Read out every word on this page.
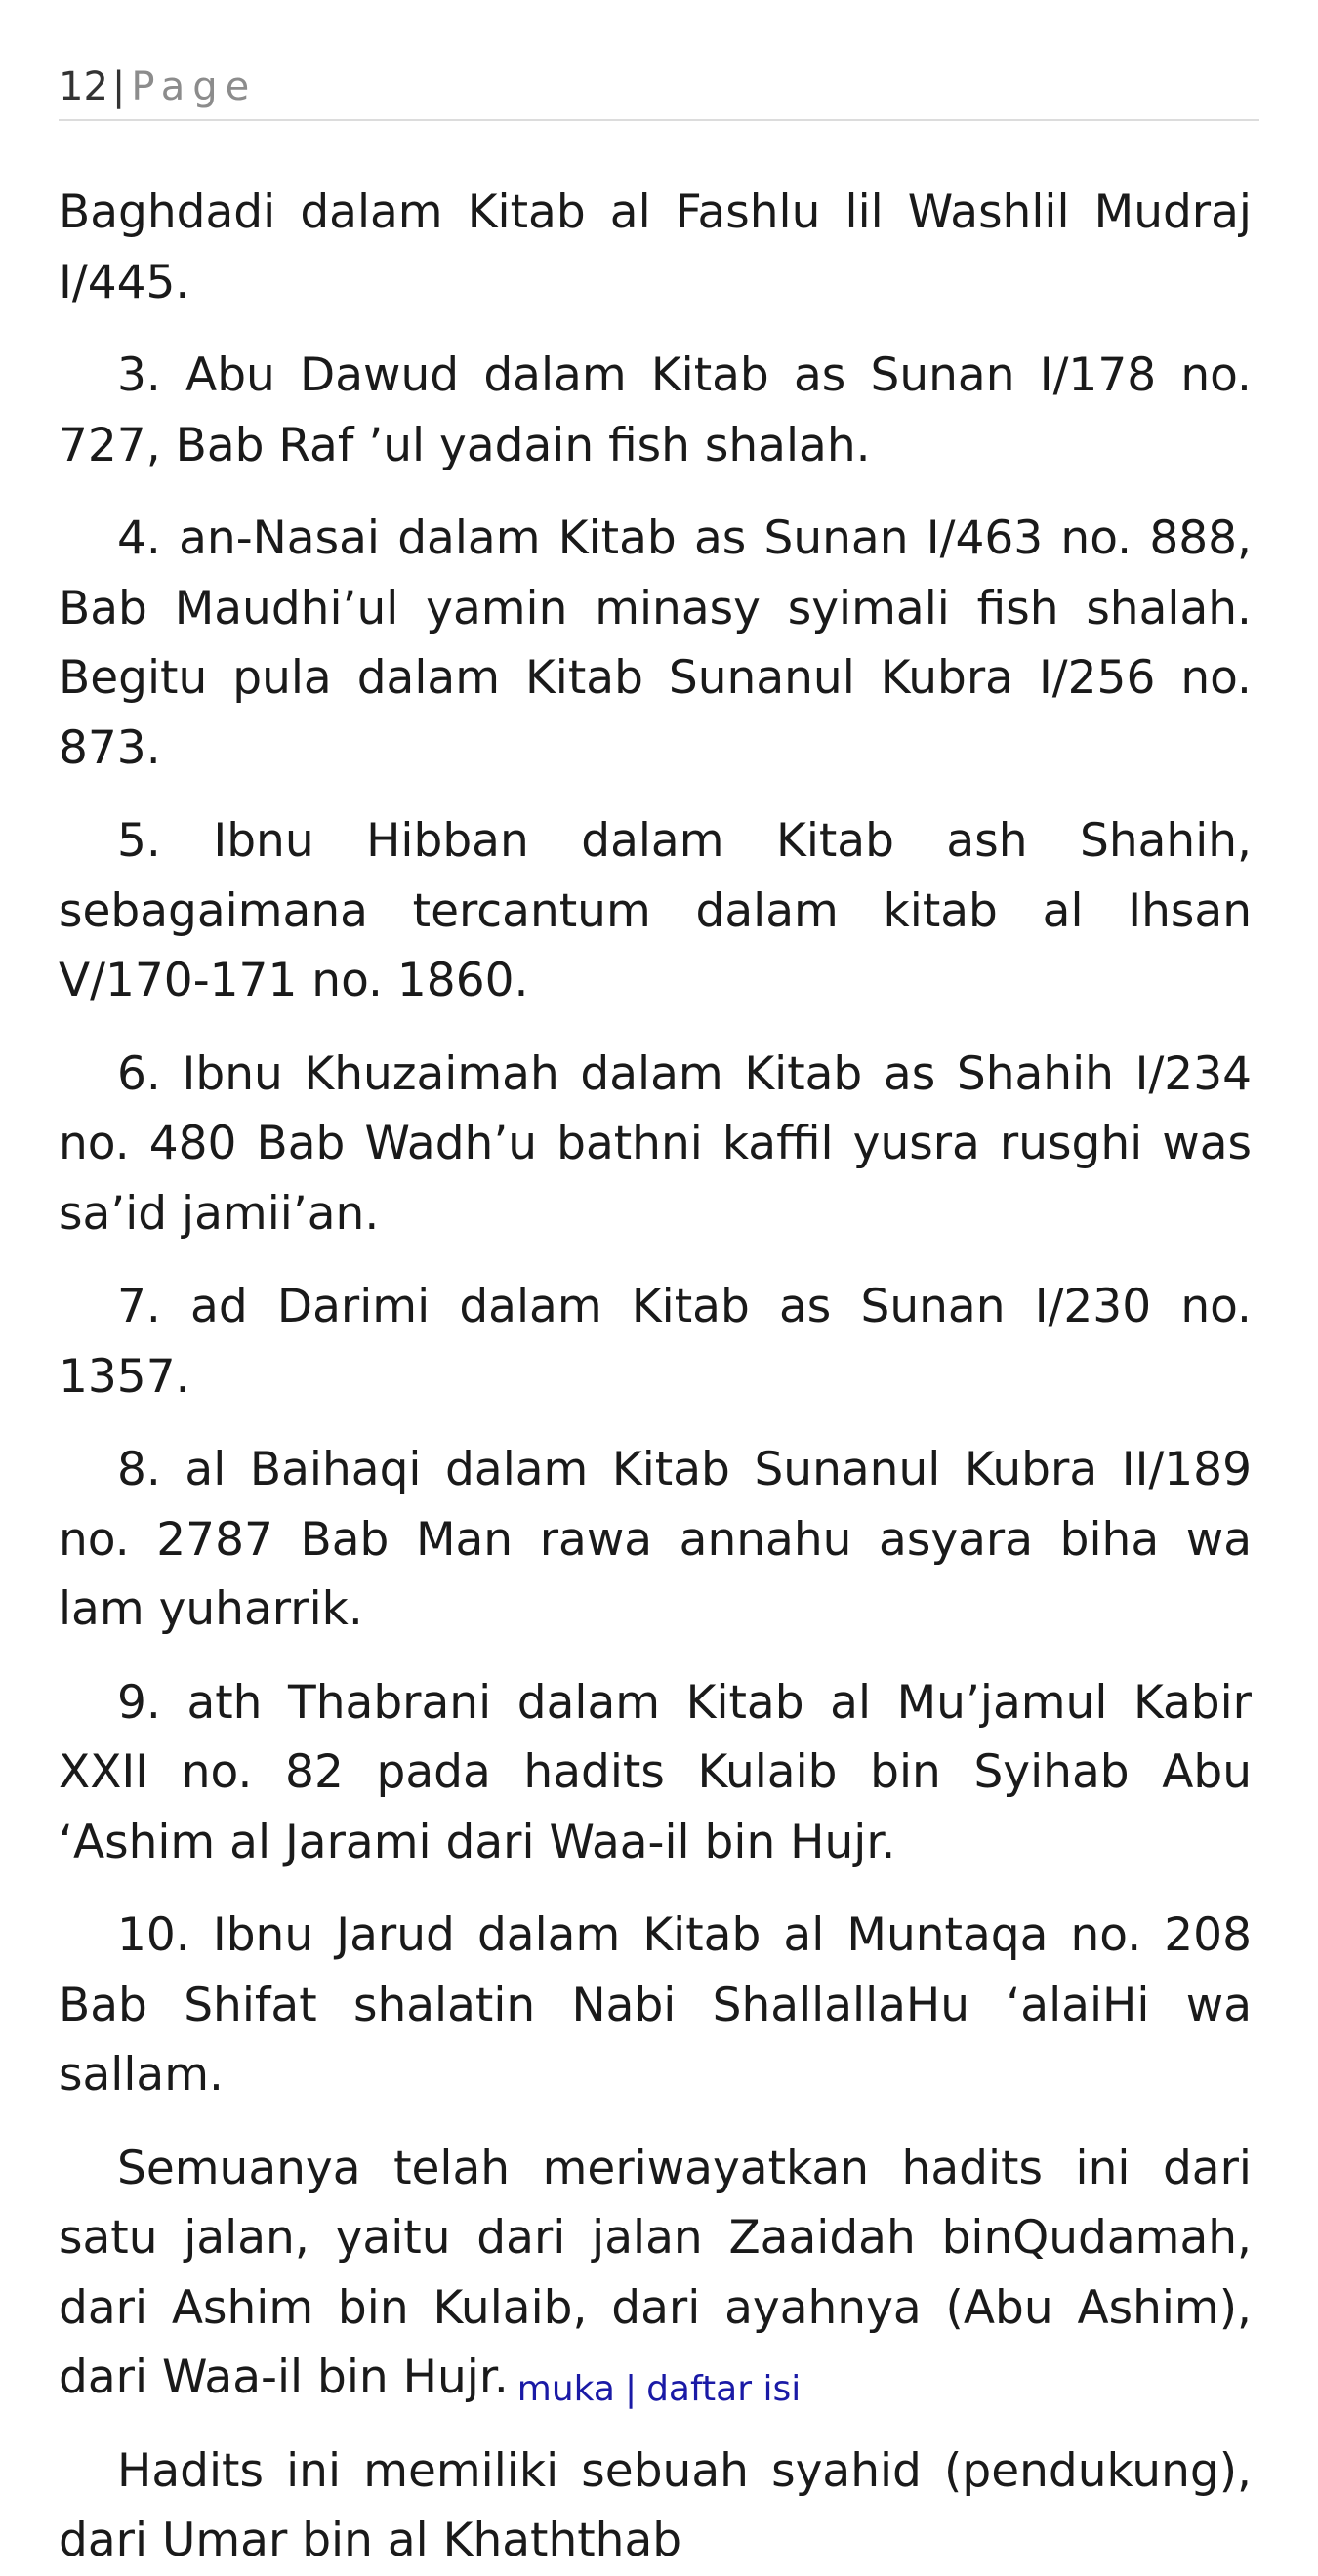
12 | Page

Baghdadi dalam Kitab al Fashlu lil Washlil Mudraj I/445.

3. Abu Dawud dalam Kitab as Sunan I/178 no. 727, Bab Raf ’ul yadain fish shalah.

4. an-Nasai dalam Kitab as Sunan I/463 no. 888, Bab Maudhi’ul yamin minasy syimali fish shalah. Begitu pula dalam Kitab Sunanul Kubra I/256 no. 873.

5. Ibnu Hibban dalam Kitab ash Shahih, sebagaimana tercantum dalam kitab al Ihsan V/170-171 no. 1860.

6. Ibnu Khuzaimah dalam Kitab as Shahih I/234 no. 480 Bab Wadh’u bathni kaffil yusra rusghi was sa’id jamii’an.

7. ad Darimi dalam Kitab as Sunan I/230 no. 1357.

8. al Baihaqi dalam Kitab Sunanul Kubra II/189 no. 2787 Bab Man rawa annahu asyara biha wa lam yuharrik.

9. ath Thabrani dalam Kitab al Mu’jamul Kabir XXII no. 82 pada hadits Kulaib bin Syihab Abu ‘Ashim al Jarami dari Waa-il bin Hujr.

10. Ibnu Jarud dalam Kitab al Muntaqa no. 208 Bab Shifat shalatin Nabi ShallallaHu ‘alaiHi wa sallam.

Semuanya telah meriwayatkan hadits ini dari satu jalan, yaitu dari jalan Zaaidah binQudamah, dari Ashim bin Kulaib, dari ayahnya (Abu Ashim), dari Waa-il bin Hujr.

Hadits ini memiliki sebuah syahid (pendukung), dari Umar bin al Khaththab

muka | daftar isi
